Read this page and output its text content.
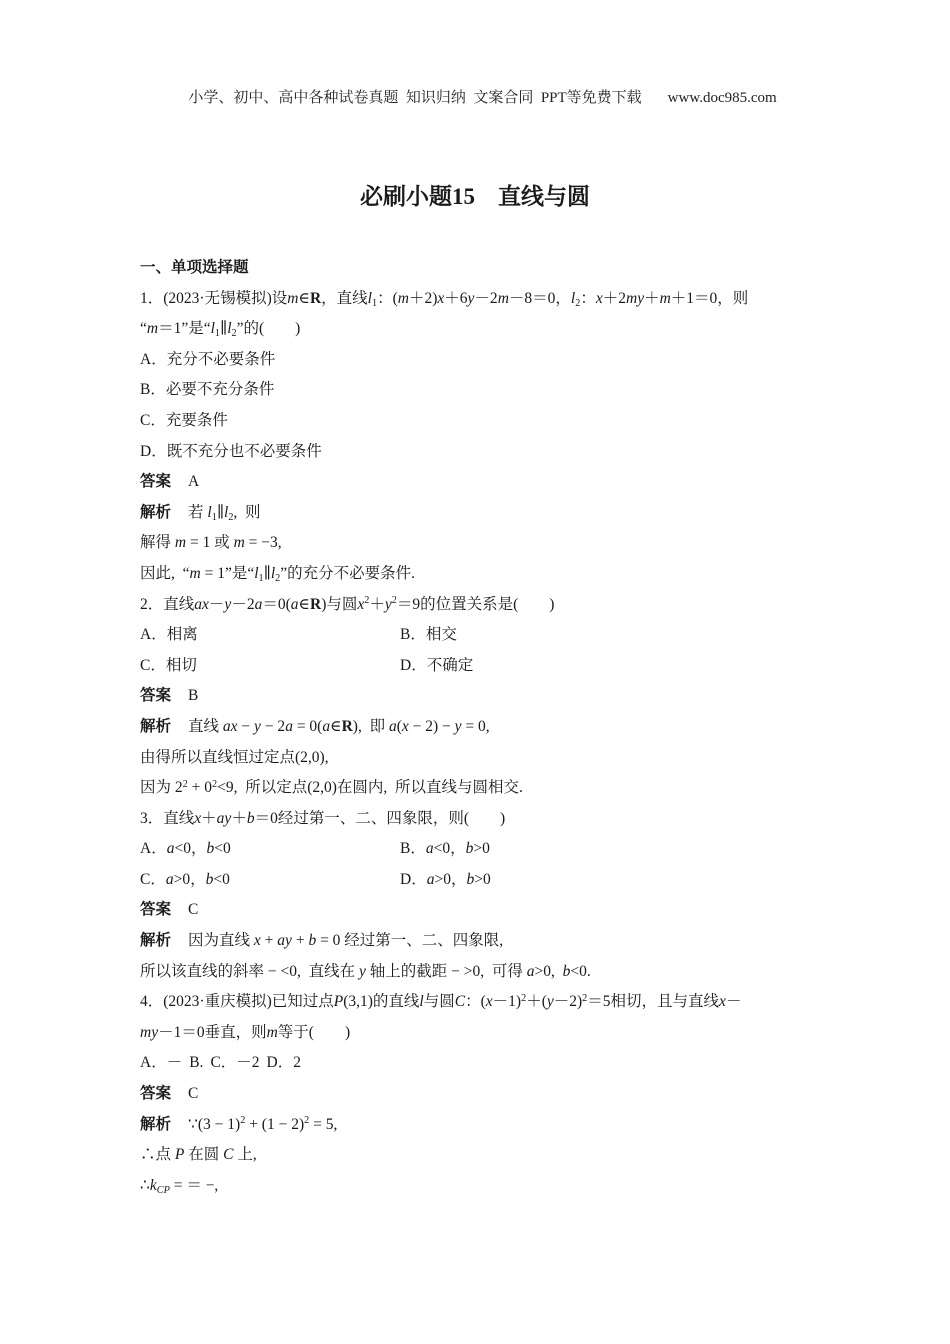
小学、初中、高中各种试卷真题  知识归纳  文案合同  PPT等免费下载 www.doc985.com

必刷小题15　直线与圆
一、单项选择题
1．(2023·无锡模拟)设m∈R，直线$l_1$：(m＋2)x＋6y－2m－8＝0，$l_2$：x＋2my＋m＋1＝0，则
“m＝1”是“$l_1\parallel l_2$”的(　　)
A．充分不必要条件
B．必要不充分条件
C．充要条件
D．既不充分也不必要条件
答案 A
解析 若 $l_1\parallel l_2$,  则
解得 m = 1 或 m = −3,
因此,  “m = 1”是“$l_1\parallel l_2$”的充分不必要条件.
2．直线ax－y－2a＝0(a∈R)与圆$x^2+y^2=9$的位置关系是(　　)
A．相离	B．相交
C．相切	D．不确定
答案 B
解析 直线 ax − y − 2a = 0(a∈R),  即 a(x − 2) − y = 0,
由得所以直线恒过定点(2,0),
因为 $2^2 + 0^2<9$,  所以定点(2,0)在圆内,  所以直线与圆相交.
3．直线x＋ay＋b＝0经过第一、二、四象限，则(　　)
A．a<0，b<0	B．a<0，b>0
C．a>0，b<0	D．a>0，b>0
答案 C
解析 因为直线 x + ay + b = 0 经过第一、二、四象限,
所以该直线的斜率 − <0,  直线在 y 轴上的截距 − >0,  可得 a>0,  b<0.
4．(2023·重庆模拟)已知过点P(3,1)的直线l与圆C：$(x-1)^2+(y-2)^2=5$相切，且与直线x－
my－1＝0垂直，则m等于(　　)
A．－ B. C．－2 D．2
答案 C
解析 ∵(3 − $1)^2 + (1 - 2)^2 = 5$,
∴点 P 在圆 C 上,
$\therefore k_{CP}$ = ＝ −,
